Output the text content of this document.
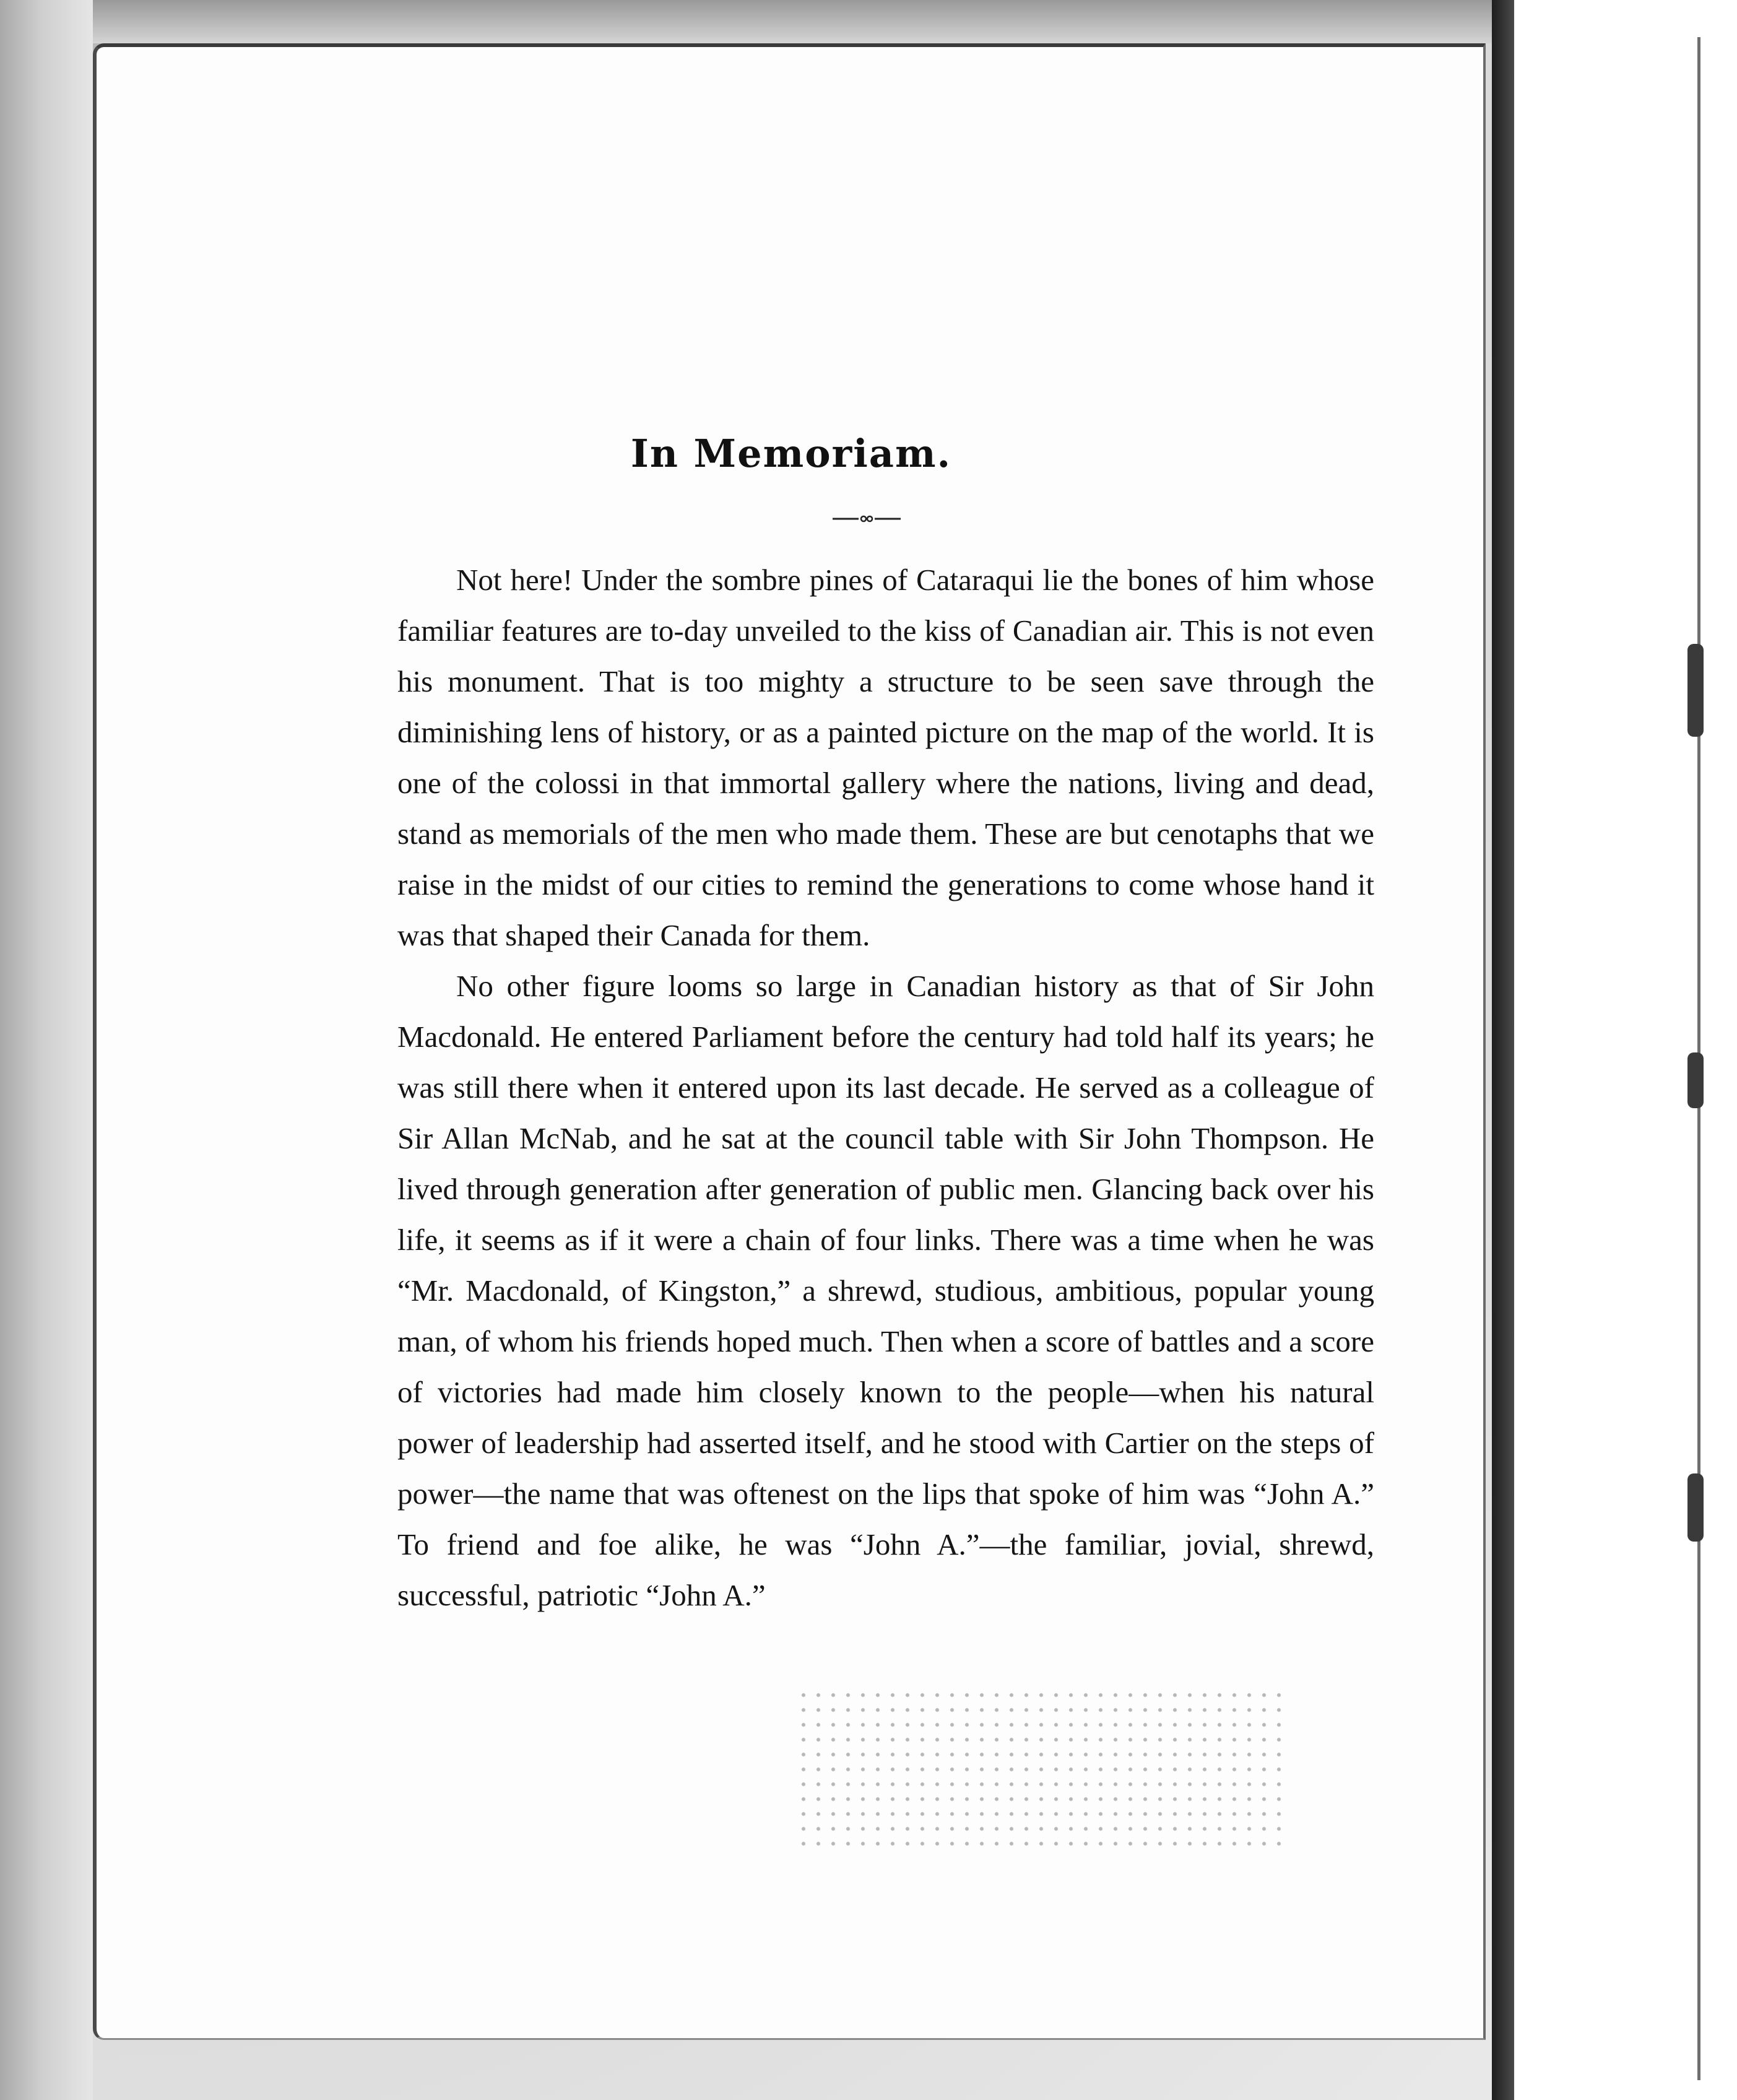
In Memoriam.

Not here! Under the sombre pines of Cataraqui lie the bones of him whose familiar features are to-day unveiled to the kiss of Canadian air. This is not even his monument. That is too mighty a structure to be seen save through the diminishing lens of history, or as a painted picture on the map of the world. It is one of the colossi in that immortal gallery where the nations, living and dead, stand as memorials of the men who made them. These are but cenotaphs that we raise in the midst of our cities to remind the generations to come whose hand it was that shaped their Canada for them.

No other figure looms so large in Canadian history as that of Sir John Macdonald. He entered Parliament before the century had told half its years; he was still there when it entered upon its last decade. He served as a colleague of Sir Allan McNab, and he sat at the council table with Sir John Thompson. He lived through generation after generation of public men. Glancing back over his life, it seems as if it were a chain of four links. There was a time when he was “Mr. Macdonald, of Kingston,” a shrewd, studious, ambitious, popular young man, of whom his friends hoped much. Then when a score of battles and a score of victories had made him closely known to the people—when his natural power of leadership had asserted itself, and he stood with Cartier on the steps of power—the name that was oftenest on the lips that spoke of him was “John A.” To friend and foe alike, he was “John A.”—the familiar, jovial, shrewd, successful, patriotic “John A.”
